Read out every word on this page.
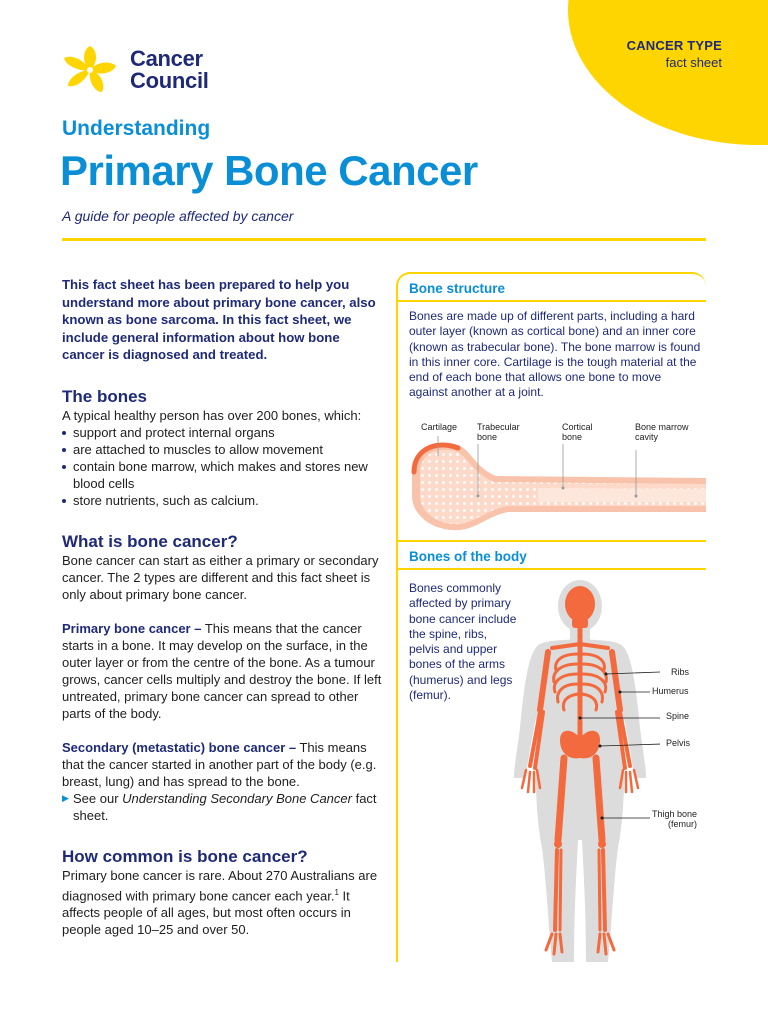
CANCER TYPE
fact sheet
Cancer
Council
Understanding
Primary Bone Cancer
A guide for people affected by cancer

This fact sheet has been prepared to help you understand more about primary bone cancer, also known as bone sarcoma. In this fact sheet, we include general information about how bone cancer is diagnosed and treated.

The bones

A typical healthy person has over 200 bones, which:

support and protect internal organs
are attached to muscles to allow movement
contain bone marrow, which makes and stores new blood cells
store nutrients, such as calcium.
What is bone cancer?

Bone cancer can start as either a primary or secondary cancer. The 2 types are different and this fact sheet is only about primary bone cancer.

Primary bone cancer – This means that the cancer starts in a bone. It may develop on the surface, in the outer layer or from the centre of the bone. As a tumour grows, cancer cells multiply and destroy the bone. If left untreated, primary bone cancer can spread to other parts of the body.

Secondary (metastatic) bone cancer – This means that the cancer started in another part of the body (e.g. breast, lung) and has spread to the bone.

▶ See our Understanding Secondary Bone Cancer fact sheet.

How common is bone cancer?

Primary bone cancer is rare. About 270 Australians are diagnosed with primary bone cancer each year.$^1$ It affects people of all ages, but most often occurs in people aged 10–25 and over 50.

Bone structure
Bones are made up of different parts, including a hard outer layer (known as cortical bone) and an inner core (known as trabecular bone). The bone marrow is found in this inner core. Cartilage is the tough material at the end of each bone that allows one bone to move against another at a joint.
Cartilage Trabecular
bone
Cortical
bone
Bone marrow
cavity
Bones of the body
Bones commonly affected by primary bone cancer include the spine, ribs, pelvis and upper bones of the arms (humerus) and legs (femur).
Ribs
Humerus
Spine
Pelvis
Thigh bone
(femur)
